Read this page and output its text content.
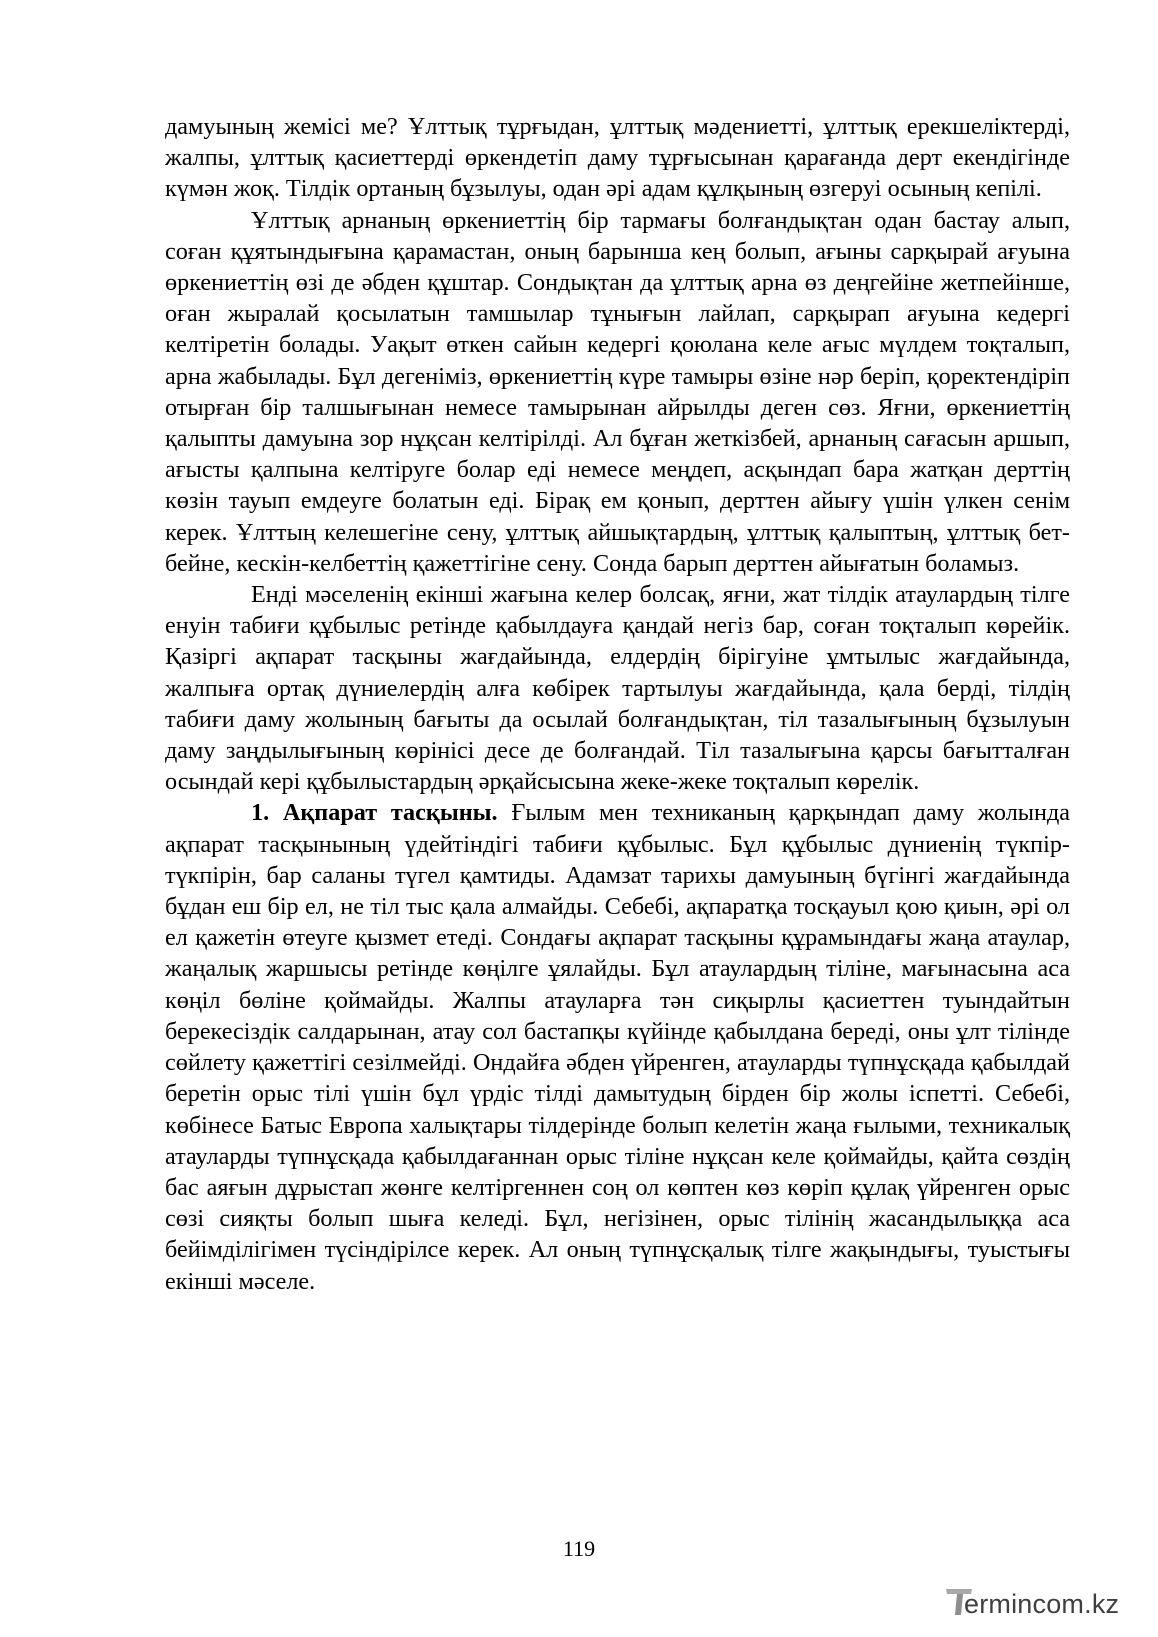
дамуының жемісі ме? Ұлттық тұрғыдан, ұлттық мәдениетті, ұлттық ерекшеліктерді, жалпы, ұлттық қасиеттерді өркендетіп даму тұрғысынан қарағанда дерт екендігінде күмән жоқ. Тілдік ортаның бұзылуы, одан әрі адам құлқының өзгеруі осының кепілі.

Ұлттық арнаның өркениеттің бір тармағы болғандықтан одан бастау алып, соған құятындығына қарамастан, оның барынша кең болып, ағыны сарқырай ағуына өркениеттің өзі де әбден құштар. Сондықтан да ұлттық арна өз деңгейіне жетпейінше, оған жыралай қосылатын тамшылар тұнығын лайлап, сарқырап ағуына кедергі келтіретін болады. Уақыт өткен сайын кедергі қоюлана келе ағыс мүлдем тоқталып, арна жабылады. Бұл дегеніміз, өркениеттің күре тамыры өзіне нәр беріп, қоректендіріп отырған бір талшығынан немесе тамырынан айрылды деген сөз. Яғни, өркениеттің қалыпты дамуына зор нұқсан келтірілді. Ал бұған жеткізбей, арнаның сағасын аршып, ағысты қалпына келтіруге болар еді немесе меңдеп, асқындап бара жатқан дерттің көзін тауып емдеуге болатын еді. Бірақ ем қонып, дерттен айығу үшін үлкен сенім керек. Ұлттың келешегіне сену, ұлттық айшықтардың, ұлттық қалыптың, ұлттық бет-бейне, кескін-келбеттің қажеттігіне сену. Сонда барып дерттен айығатын боламыз.

Енді мәселенің екінші жағына келер болсақ, яғни, жат тілдік атаулардың тілге енуін табиғи құбылыс ретінде қабылдауға қандай негіз бар, соған тоқталып көрейік. Қазіргі ақпарат тасқыны жағдайында, елдердің бірігуіне ұмтылыс жағдайында, жалпыға ортақ дүниелердің алға көбірек тартылуы жағдайында, қала берді, тілдің табиғи даму жолының бағыты да осылай болғандықтан, тіл тазалығының бұзылуын даму заңдылығының көрінісі десе де болғандай. Тіл тазалығына қарсы бағытталған осындай кері құбылыстардың әрқайсысына жеке-жеке тоқталып көрелік.

1. Ақпарат тасқыны. Ғылым мен техниканың қарқындап даму жолында ақпарат тасқынының үдейтіндігі табиғи құбылыс. Бұл құбылыс дүниенің түкпір-түкпірін, бар саланы түгел қамтиды. Адамзат тарихы дамуының бүгінгі жағдайында бұдан еш бір ел, не тіл тыс қала алмайды. Себебі, ақпаратқа тосқауыл қою қиын, әрі ол ел қажетін өтеуге қызмет етеді. Сондағы ақпарат тасқыны құрамындағы жаңа атаулар, жаңалық жаршысы ретінде көңілге ұялайды. Бұл атаулардың тіліне, мағынасына аса көңіл бөліне қоймайды. Жалпы атауларға тән сиқырлы қасиеттен туындайтын берекесіздік салдарынан, атау сол бастапқы күйінде қабылдана береді, оны ұлт тілінде сөйлету қажеттігі сезілмейді. Ондайға әбден үйренген, атауларды түпнұсқада қабылдай беретін орыс тілі үшін бұл үрдіс тілді дамытудың бірден бір жолы іспетті. Себебі, көбінесе Батыс Европа халықтары тілдерінде болып келетін жаңа ғылыми, техникалық атауларды түпнұсқада қабылдағаннан орыс тіліне нұқсан келе қоймайды, қайта сөздің бас аяғын дұрыстап жөнге келтіргеннен соң ол көптен көз көріп құлақ үйренген орыс сөзі сияқты болып шыға келеді. Бұл, негізінен, орыс тілінің жасандылыққа аса бейімділігімен түсіндірілсе керек. Ал оның түпнұсқалық тілге жақындығы, туыстығы екінші мәселе.

119
ermincom.kz
